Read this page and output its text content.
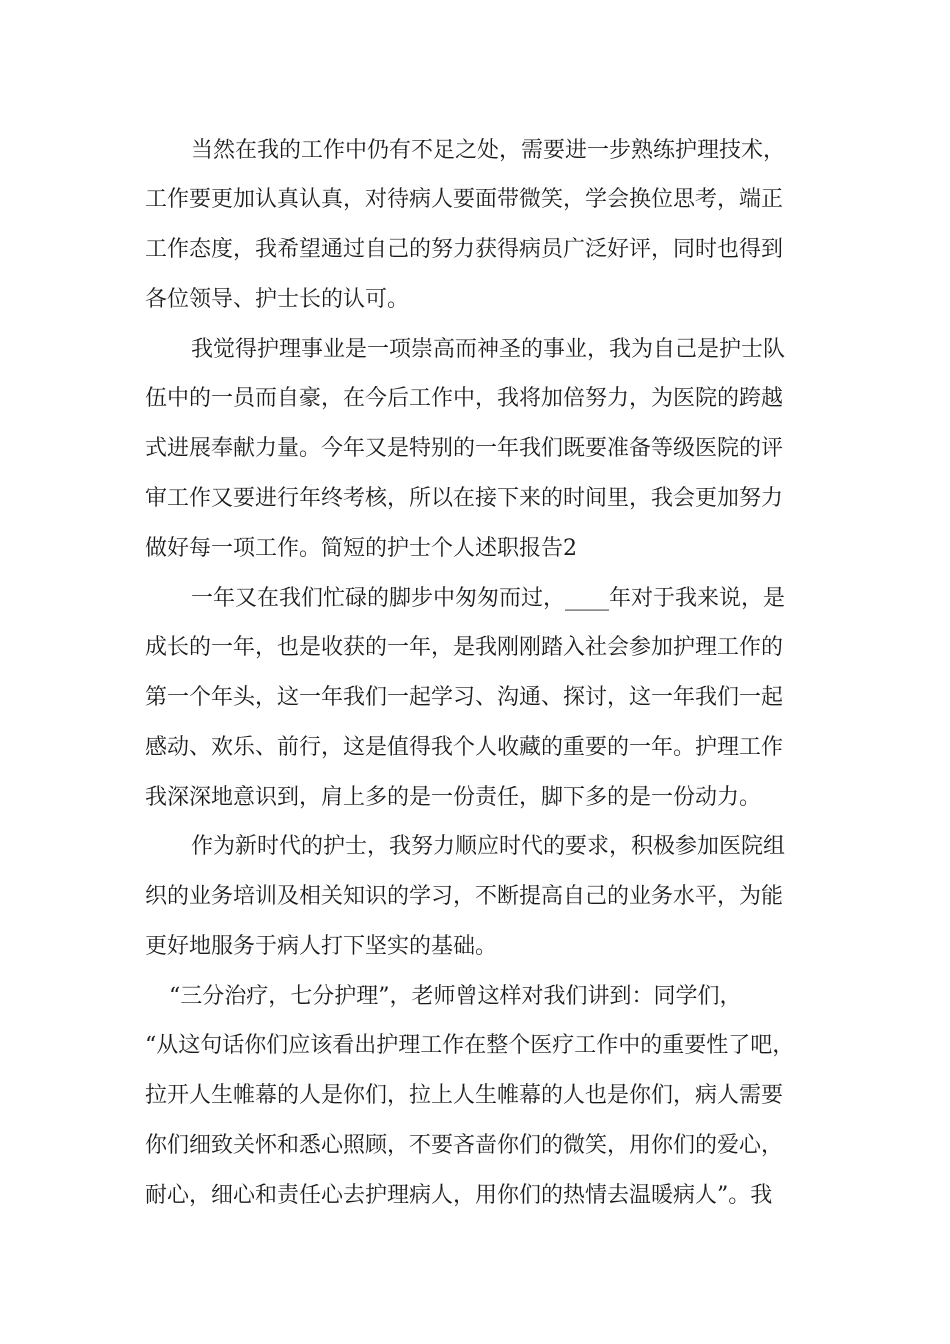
当然在我的工作中仍有不足之处，需要进一步熟练护理技术，

工作要更加认真认真，对待病人要面带微笑，学会换位思考，端正

工作态度，我希望通过自己的努力获得病员广泛好评，同时也得到

各位领导、护士长的认可。

我觉得护理事业是一项崇高而神圣的事业，我为自己是护士队

伍中的一员而自豪，在今后工作中，我将加倍努力，为医院的跨越

式进展奉献力量。今年又是特别的一年我们既要准备等级医院的评

审工作又要进行年终考核，所以在接下来的时间里，我会更加努力

做好每一项工作。简短的护士个人述职报告2

一年又在我们忙碌的脚步中匆匆而过，____年对于我来说，是

成长的一年，也是收获的一年，是我刚刚踏入社会参加护理工作的

第一个年头，这一年我们一起学习、沟通、探讨，这一年我们一起

感动、欢乐、前行，这是值得我个人收藏的重要的一年。护理工作

我深深地意识到，肩上多的是一份责任，脚下多的是一份动力。

作为新时代的护士，我努力顺应时代的要求，积极参加医院组

织的业务培训及相关知识的学习，不断提高自己的业务水平，为能

更好地服务于病人打下坚实的基础。

“三分治疗，七分护理”，老师曾这样对我们讲到：同学们，

“从这句话你们应该看出护理工作在整个医疗工作中的重要性了吧，

拉开人生帷幕的人是你们，拉上人生帷幕的人也是你们，病人需要

你们细致关怀和悉心照顾，不要吝啬你们的微笑，用你们的爱心，

耐心，细心和责任心去护理病人，用你们的热情去温暖病人”。我
